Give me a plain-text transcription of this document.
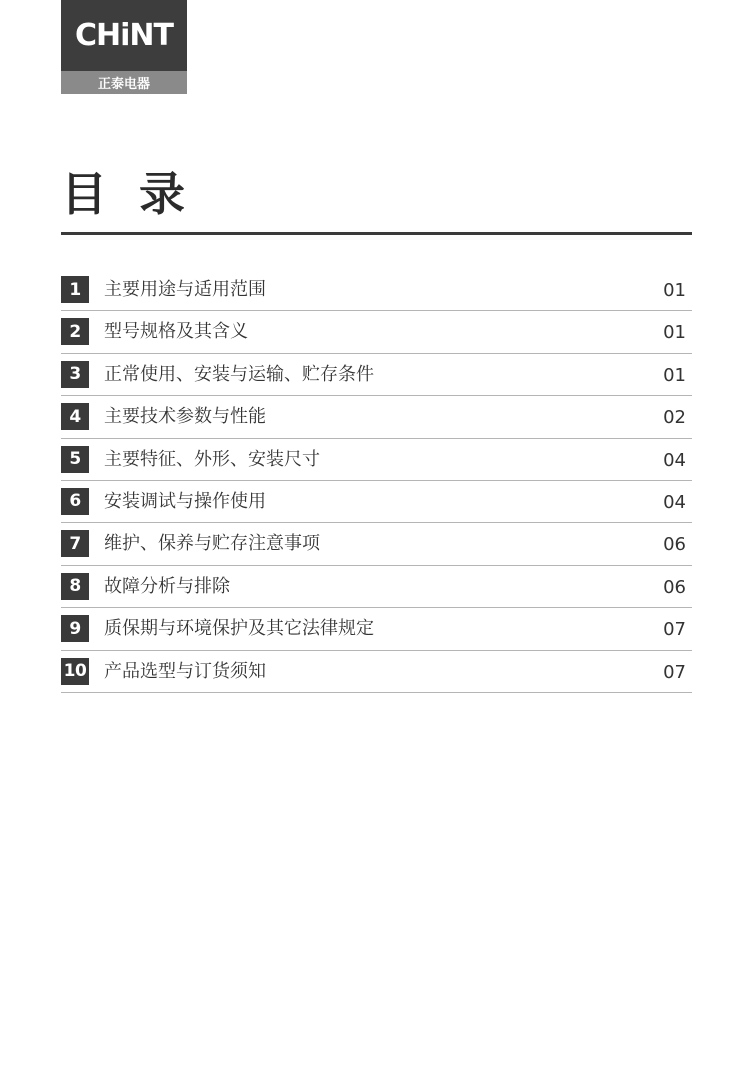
CHiNT
正泰电器
目录
1	主要用途与适用范围	01
2	型号规格及其含义	01
3	正常使用、安装与运输、贮存条件	01
4	主要技术参数与性能	02
5	主要特征、外形、安装尺寸	04
6	安装调试与操作使用	04
7	维护、保养与贮存注意事项	06
8	故障分析与排除	06
9	质保期与环境保护及其它法律规定	07
10 产品选型与订货须知	07
